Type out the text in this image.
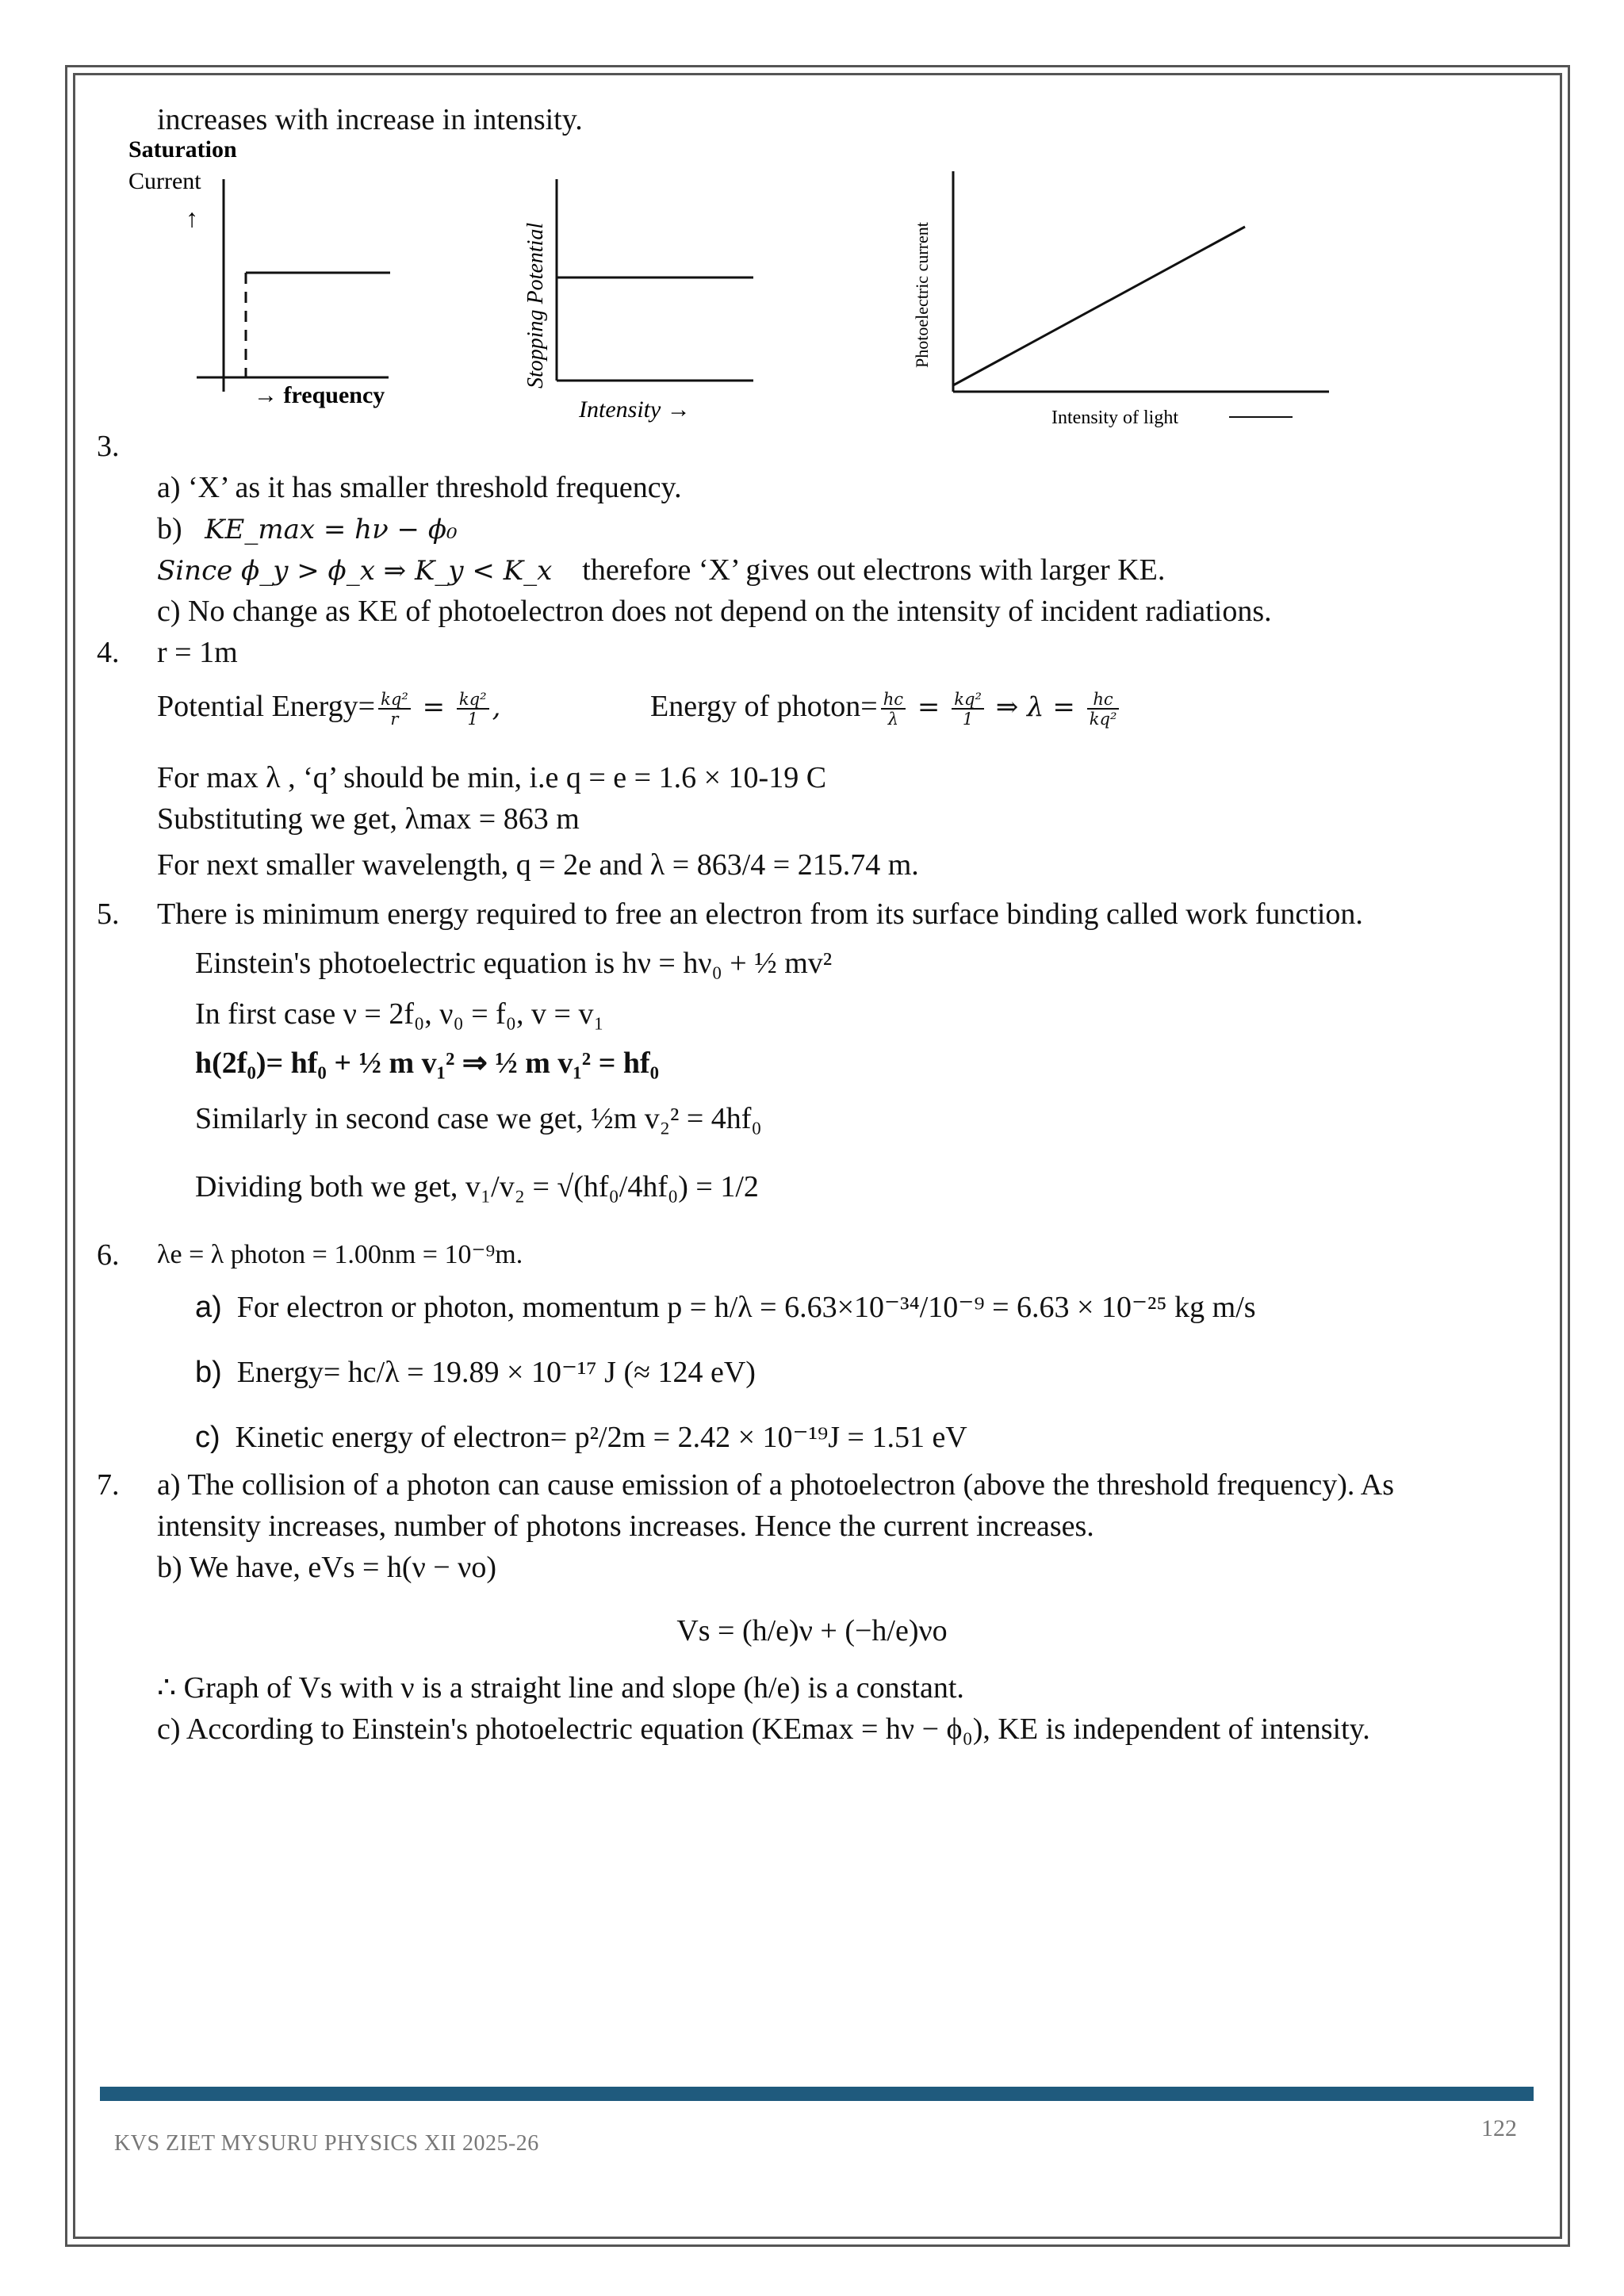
increases with increase in intensity.
Saturation
Current
↑
→ frequency
Stopping Potential
Intensity →
Photoelectric current
Intensity of light
3.
a) ‘X’ as it has smaller threshold frequency.
b) KE_max = hν − ϕ₀
Since ϕ_y > ϕ_x ⇒ K_y < K_x therefore ‘X’ gives out electrons with larger KE.
c) No change as KE of photoelectron does not depend on the intensity of incident radiations.
4. r = 1m
Potential Energy= $\frac{\text{kq²}}{r} = \frac{\text{kq²}}{1}$ ,	Energy of photon= $\frac{hc}{\lambda} = \frac{\text{kq²}}{1}$ ⇒ $\lambda = \frac{hc}{\text{kq²}}$
For max λ , ‘q’ should be min, i.e q = e = 1.6 × 10-19 C
Substituting we get, λmax = 863 m
For next smaller wavelength, q = 2e and λ = 863/4 = 215.74 m.
5. There is minimum energy required to free an electron from its surface binding called work function.
Einstein's photoelectric equation is hν = hν₀ + ½ mv²
In first case ν = 2f₀, ν₀ = f₀, v = v₁
h(2f₀)= hf₀ + ½ m v₁² ⇒ ½ m v₁² = hf₀
Similarly in second case we get, ½m v₂² = 4hf₀
Dividing both we get, v₁/v₂ = √(hf₀/4hf₀) = 1/2
6. λe = λ photon = 1.00nm = 10⁻⁹m.
a) For electron or photon, momentum p = h/λ = 6.63×10⁻³⁴/10⁻⁹ = 6.63 × 10⁻²⁵ kg m/s
b) Energy= hc/λ = 19.89 × 10⁻¹⁷ J (≈ 124 eV)
c) Kinetic energy of electron= p²/2m = 2.42 × 10⁻¹⁹J = 1.51 eV
7. a) The collision of a photon can cause emission of a photoelectron (above the threshold frequency). As
intensity increases, number of photons increases. Hence the current increases.
b) We have, eVs = h(ν − νo)
Vs = (h/e)ν + (−h/e)νo
∴ Graph of Vs with ν is a straight line and slope (h/e) is a constant.
c) According to Einstein's photoelectric equation (KEmax = hν − ϕ₀), KE is independent of intensity.
KVS ZIET MYSURU PHYSICS XII 2025-26
122
